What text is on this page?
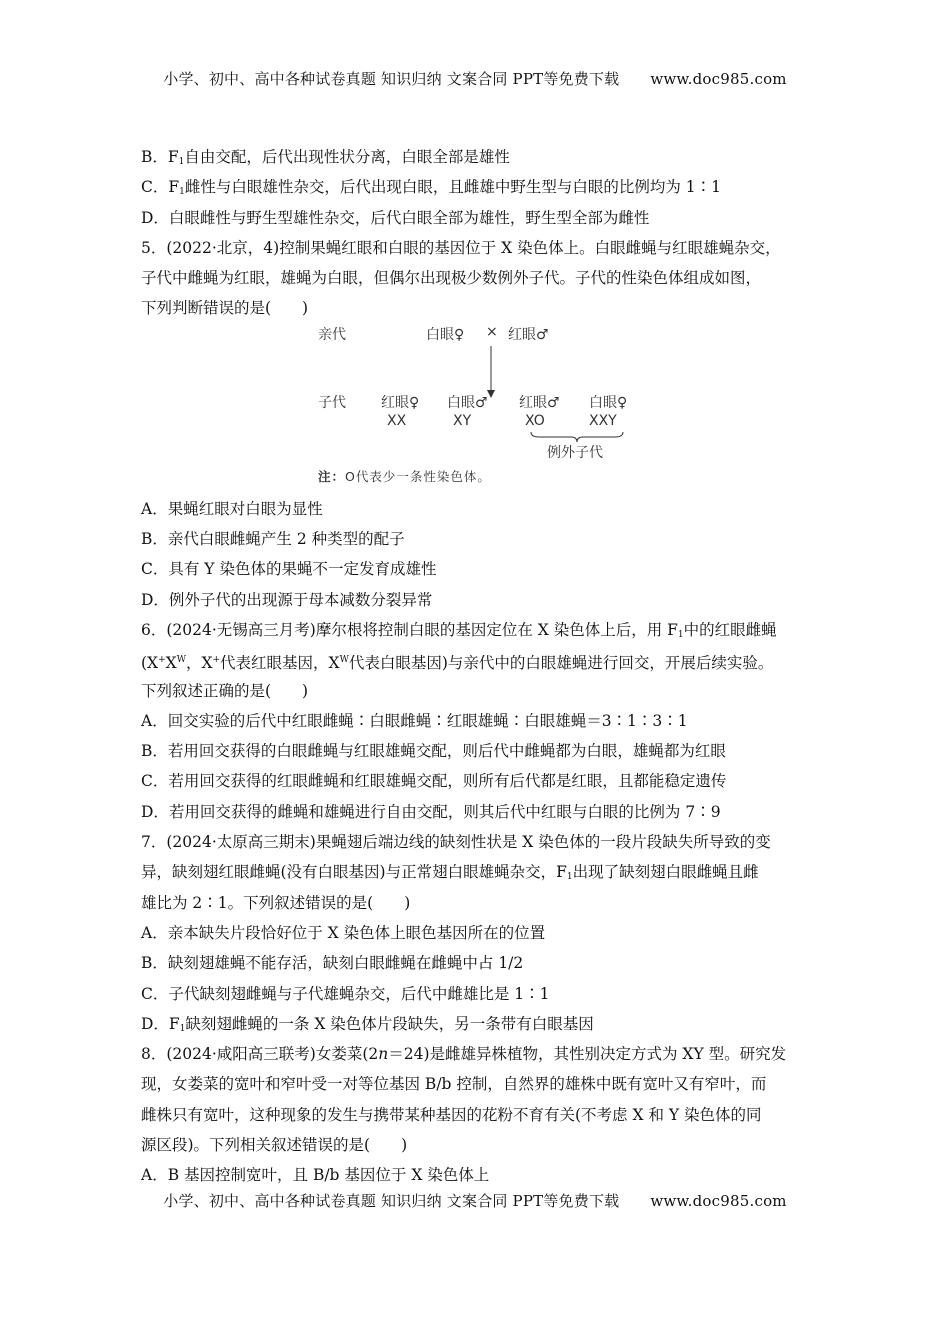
小学、初中、高中各种试卷真题 知识归纳 文案合同 PPT等免费下载 www.doc985.com
B．$F_1$自由交配，后代出现性状分离，白眼全部是雄性
C．$F_1$雌性与白眼雄性杂交，后代出现白眼，且雌雄中野生型与白眼的比例均为 1∶1
D．白眼雌性与野生型雄性杂交，后代白眼全部为雄性，野生型全部为雌性
5．(2022·北京，4)控制果蝇红眼和白眼的基因位于 X 染色体上。白眼雌蝇与红眼雄蝇杂交，
子代中雌蝇为红眼，雄蝇为白眼，但偶尔出现极少数例外子代。子代的性染色体组成如图，
下列判断错误的是(　　)
亲代	白眼♀ × 红眼♂
子代	红眼♀
XX
白眼♂
XY
红眼♂
XO
白眼♀
XXY
例外子代
注：O代表少一条性染色体。
A．果蝇红眼对白眼为显性
B．亲代白眼雌蝇产生 2 种类型的配子
C．具有 Y 染色体的果蝇不一定发育成雄性
D．例外子代的出现源于母本减数分裂异常
6．(2024·无锡高三月考)摩尔根将控制白眼的基因定位在 X 染色体上后，用 $F_1$中的红眼雌蝇
($X^+X^W$，X+代表红眼基因，$X^W$代表白眼基因)与亲代中的白眼雄蝇进行回交，开展后续实验。
下列叙述正确的是(　　)
A．回交实验的后代中红眼雌蝇∶白眼雌蝇∶红眼雄蝇∶白眼雄蝇＝3∶1∶3∶1
B．若用回交获得的白眼雌蝇与红眼雄蝇交配，则后代中雌蝇都为白眼，雄蝇都为红眼
C．若用回交获得的红眼雌蝇和红眼雄蝇交配，则所有后代都是红眼，且都能稳定遗传
D．若用回交获得的雌蝇和雄蝇进行自由交配，则其后代中红眼与白眼的比例为 7∶9
7．(2024·太原高三期末)果蝇翅后端边线的缺刻性状是 X 染色体的一段片段缺失所导致的变
异，缺刻翅红眼雌蝇(没有白眼基因)与正常翅白眼雄蝇杂交，$F_1$出现了缺刻翅白眼雌蝇且雌
雄比为 2∶1。下列叙述错误的是(　　)
A．亲本缺失片段恰好位于 X 染色体上眼色基因所在的位置
B．缺刻翅雄蝇不能存活，缺刻白眼雌蝇在雌蝇中占 1/2
C．子代缺刻翅雌蝇与子代雄蝇杂交，后代中雌雄比是 1∶1
D．$F_1$缺刻翅雌蝇的一条 X 染色体片段缺失，另一条带有白眼基因
8．(2024·咸阳高三联考)女娄菜(2n＝24)是雌雄异株植物，其性别决定方式为 XY 型。研究发
现，女娄菜的宽叶和窄叶受一对等位基因 B/b 控制，自然界的雄株中既有宽叶又有窄叶，而
雌株只有宽叶，这种现象的发生与携带某种基因的花粉不育有关(不考虑 X 和 Y 染色体的同
源区段)。下列相关叙述错误的是(　　)
A．B 基因控制宽叶，且 B/b 基因位于 X 染色体上
小学、初中、高中各种试卷真题 知识归纳 文案合同 PPT等免费下载 www.doc985.com
